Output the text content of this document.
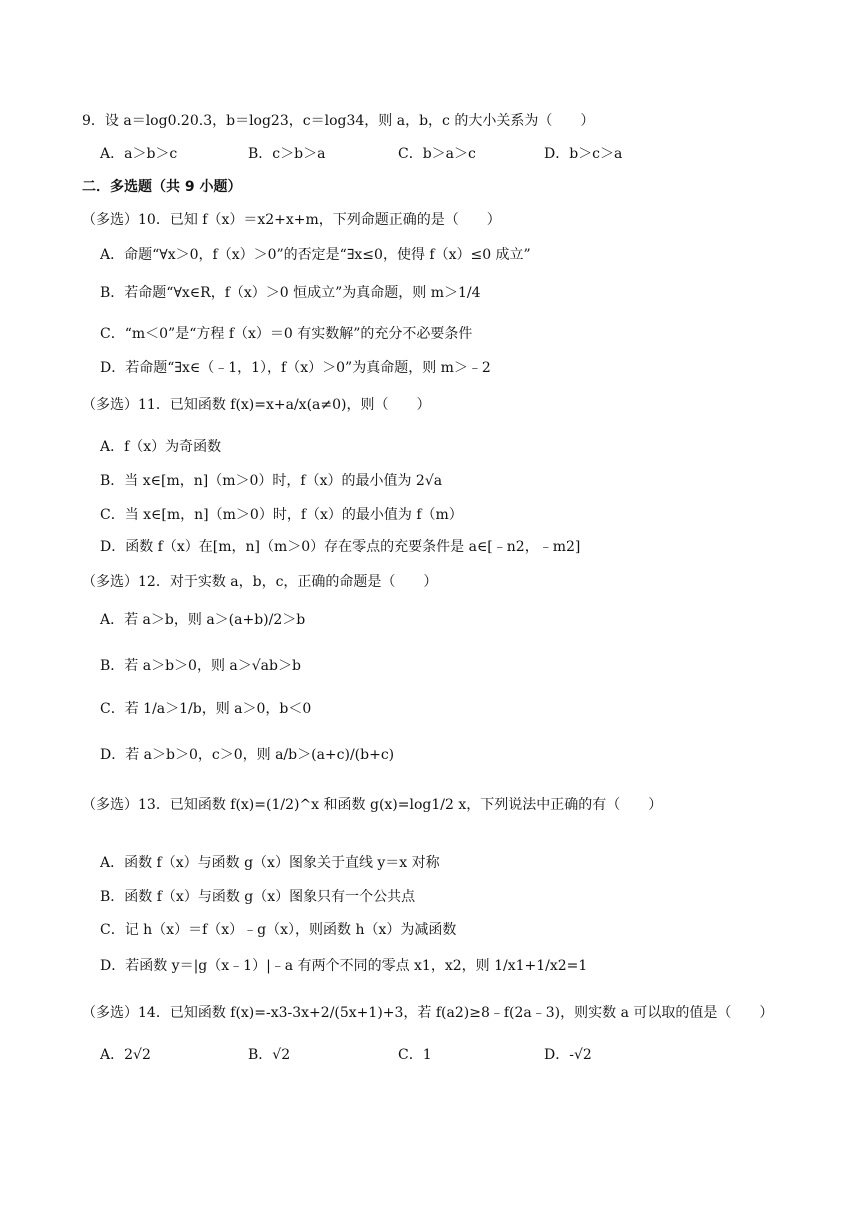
9．设 a＝log0.20.3，b＝log23，c＝log34，则 a，b，c 的大小关系为（　　）
A．a＞b＞c	B．c＞b＞a	C．b＞a＞c	D．b＞c＞a
二．多选题（共 9 小题）
（多选）10．已知 f（x）＝x2+x+m，下列命题正确的是（　　）
A．命题“∀x＞0，f（x）＞0”的否定是“∃x≤0，使得 f（x）≤0 成立”
B．若命题“∀x∈R，f（x）＞0 恒成立”为真命题，则 m＞1/4
C．“m＜0”是“方程 f（x）＝0 有实数解”的充分不必要条件
D．若命题“∃x∈（﹣1，1），f（x）＞0”为真命题，则 m＞﹣2
（多选）11．已知函数 f(x)=x+a/x(a≠0)，则（　　）
A．f（x）为奇函数
B．当 x∈[m，n]（m＞0）时，f（x）的最小值为 2√a
C．当 x∈[m，n]（m＞0）时，f（x）的最小值为 f（m）
D．函数 f（x）在[m，n]（m＞0）存在零点的充要条件是 a∈[﹣n2，﹣m2]
（多选）12．对于实数 a，b，c，正确的命题是（　　）
A．若 a＞b，则 a＞(a+b)/2＞b
B．若 a＞b＞0，则 a＞√ab＞b
C．若 1/a＞1/b，则 a＞0，b＜0
D．若 a＞b＞0，c＞0，则 a/b＞(a+c)/(b+c)
（多选）13．已知函数 f(x)=(1/2)^x 和函数 g(x)=log1/2 x，下列说法中正确的有（　　）
A．函数 f（x）与函数 g（x）图象关于直线 y＝x 对称
B．函数 f（x）与函数 g（x）图象只有一个公共点
C．记 h（x）＝f（x）﹣g（x），则函数 h（x）为减函数
D．若函数 y＝|g（x﹣1）|﹣a 有两个不同的零点 x1，x2，则 1/x1+1/x2=1
（多选）14．已知函数 f(x)=-x3-3x+2/(5x+1)+3，若 f(a2)≥8﹣f(2a﹣3)，则实数 a 可以取的值是（　　）
A．2√2	B．√2	C．1	D．-√2
